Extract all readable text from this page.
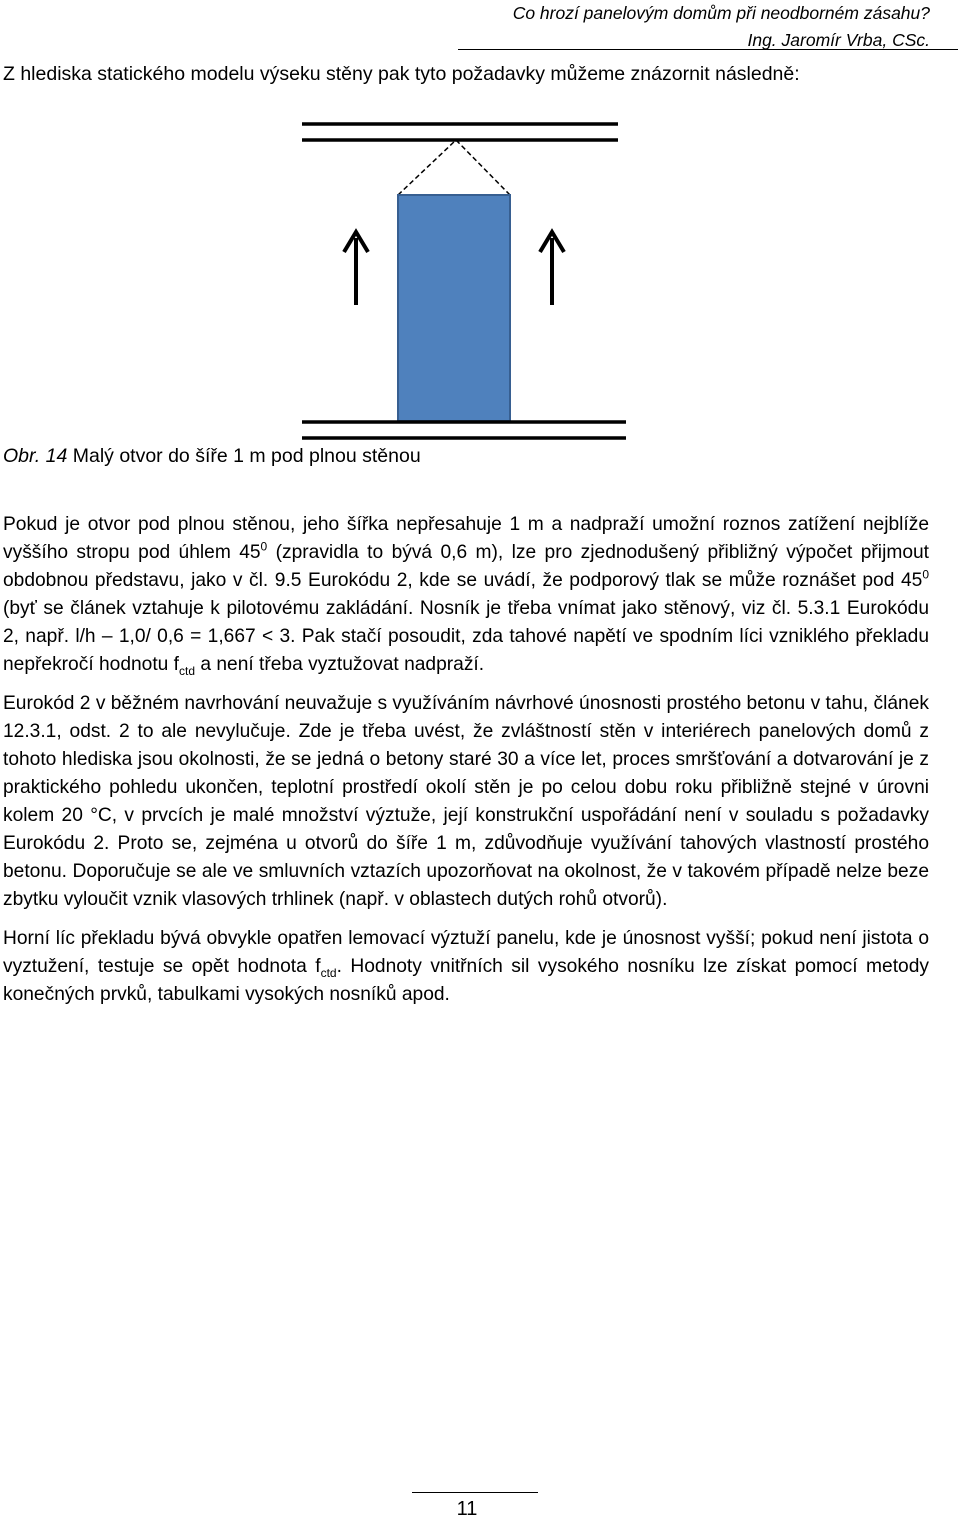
Co hrozí panelovým domům při neodborném zásahu?
Ing. Jaromír Vrba, CSc.
Z hlediska statického modelu výseku stěny pak tyto požadavky můžeme znázornit následně:
Obr. 14 Malý otvor do šíře 1 m pod plnou stěnou

Pokud je otvor pod plnou stěnou, jeho šířka nepřesahuje 1 m a nadpraží umožní roznos zatížení nejblíže vyššího stropu pod úhlem $45^0$ (zpravidla to bývá 0,6 m), lze pro zjednodušený přibližný výpočet přijmout obdobnou představu, jako v čl. 9.5 Eurokódu 2, kde se uvádí, že podporový tlak se může roznášet pod $45^0$ (byť se článek vztahuje k pilotovému zakládání. Nosník je třeba vnímat jako stěnový, viz čl. 5.3.1 Eurokódu 2, např. l/h – 1,0/ 0,6 = 1,667 < 3. Pak stačí posoudit, zda tahové napětí ve spodním líci vzniklého překladu nepřekročí hodnotu $f_{ctd}$ a není třeba vyztužovat nadpraží.

Eurokód 2 v běžném navrhování neuvažuje s využíváním návrhové únosnosti prostého betonu v tahu, článek 12.3.1, odst. 2 to ale nevylučuje. Zde je třeba uvést, že zvláštností stěn v interiérech panelových domů z tohoto hlediska jsou okolnosti, že se jedná o betony staré 30 a více let, proces smršťování a dotvarování je z praktického pohledu ukončen, teplotní prostředí okolí stěn je po celou dobu roku přibližně stejné v úrovni kolem 20 °C, v prvcích je malé množství výztuže, její konstrukční uspořádání není v souladu s požadavky Eurokódu 2. Proto se, zejména u otvorů do šíře 1 m, zdůvodňuje využívání tahových vlastností prostého betonu. Doporučuje se ale ve smluvních vztazích upozorňovat na okolnost, že v takovém případě nelze beze zbytku vyloučit vznik vlasových trhlinek (např. v oblastech dutých rohů otvorů).

Horní líc překladu bývá obvykle opatřen lemovací výztuží panelu, kde je únosnost vyšší; pokud není jistota o vyztužení, testuje se opět hodnota $f_{ctd}$. Hodnoty vnitřních sil vysokého nosníku lze získat pomocí metody konečných prvků, tabulkami vysokých nosníků apod.

11
